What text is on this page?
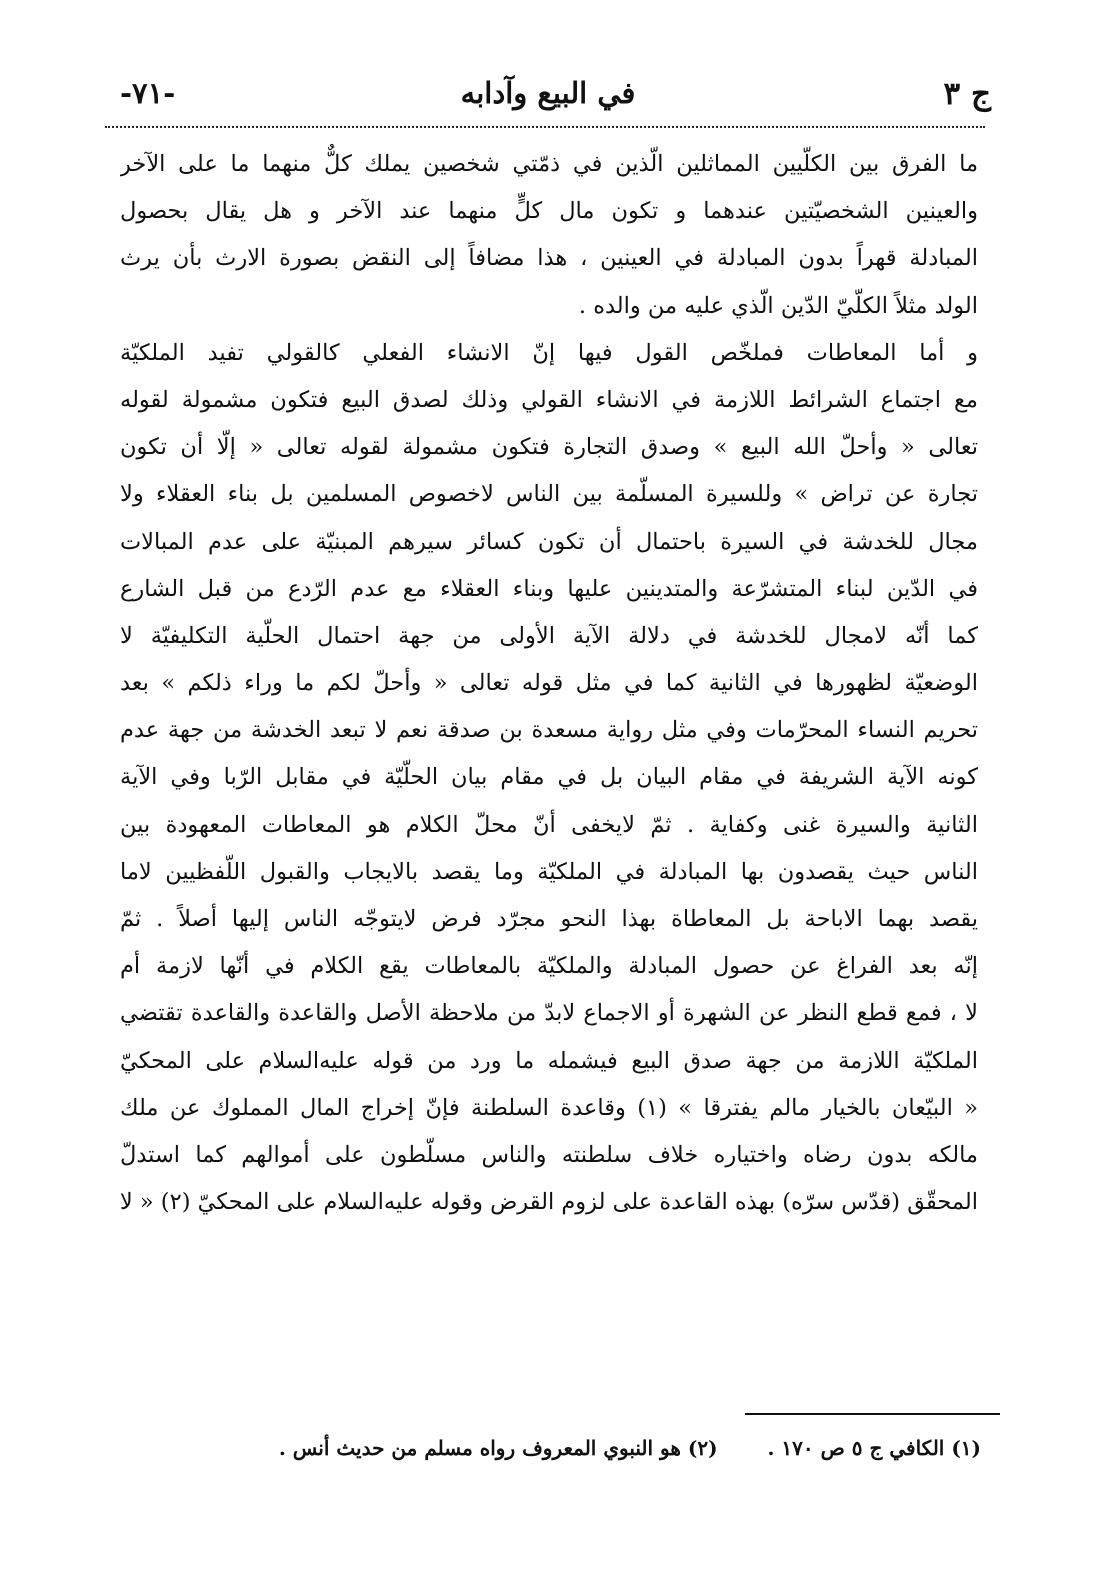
ج ٣
في البيع وآدابه
-٧١-
ما الفرق بين الكلّيين المماثلين الّذين في ذمّتي شخصين يملك كلٌّ منهما ما على الآخر
والعينين الشخصيّتين عندهما و تكون مال كلٍّ منهما عند الآخر و هل يقال بحصول
المبادلة قهراً بدون المبادلة في العينين ، هذا مضافاً إلى النقض بصورة الارث بأن يرث
الولد مثلاً الكلّيّ الدّين الّذي عليه من والده .
و أما المعاطات فملخّص القول فيها إنّ الانشاء الفعلي كالقولي تفيد الملكيّة
مع اجتماع الشرائط اللازمة في الانشاء القولي وذلك لصدق البيع فتكون مشمولة لقوله
تعالى « وأحلّ الله البيع » وصدق التجارة فتكون مشمولة لقوله تعالى « إلّا أن تكون
تجارة عن تراض » وللسيرة المسلّمة بين الناس لاخصوص المسلمين بل بناء العقلاء ولا
مجال للخدشة في السيرة باحتمال أن تكون كسائر سيرهم المبنيّة على عدم المبالات
في الدّين لبناء المتشرّعة والمتدينين عليها وبناء العقلاء مع عدم الرّدع من قبل الشارع
كما أنّه لامجال للخدشة في دلالة الآية الأولى من جهة احتمال الحلّية التكليفيّة لا
الوضعيّة لظهورها في الثانية كما في مثل قوله تعالى « وأحلّ لكم ما وراء ذلكم » بعد
تحريم النساء المحرّمات وفي مثل رواية مسعدة بن صدقة نعم لا تبعد الخدشة من جهة عدم
كونه الآية الشريفة في مقام البيان بل في مقام بيان الحلّيّة في مقابل الرّبا وفي الآية
الثانية والسيرة غنى وكفاية . ثمّ لايخفى أنّ محلّ الكلام هو المعاطات المعهودة بين
الناس حيث يقصدون بها المبادلة في الملكيّة وما يقصد بالايجاب والقبول اللّفظيين لاما
يقصد بهما الاباحة بل المعاطاة بهذا النحو مجرّد فرض لايتوجّه الناس إليها أصلاً . ثمّ
إنّه بعد الفراغ عن حصول المبادلة والملكيّة بالمعاطات يقع الكلام في أنّها لازمة أم
لا ، فمع قطع النظر عن الشهرة أو الاجماع لابدّ من ملاحظة الأصل والقاعدة والقاعدة تقتضي
الملكيّة اللازمة من جهة صدق البيع فيشمله ما ورد من قوله عليه‌السلام على المحكيّ
« البيّعان بالخيار مالم يفترقا » (١) وقاعدة السلطنة فإنّ إخراج المال المملوك عن ملك
مالكه بدون رضاه واختياره خلاف سلطنته والناس مسلّطون على أموالهم كما استدلّ
المحقّق (قدّس سرّه) بهذه القاعدة على لزوم القرض وقوله عليه‌السلام على المحكيّ (٢) « لا
(١) الكافي ج ٥ ص ١٧٠ .  (٢) هو النبوي المعروف رواه مسلم من حديث أنس .
